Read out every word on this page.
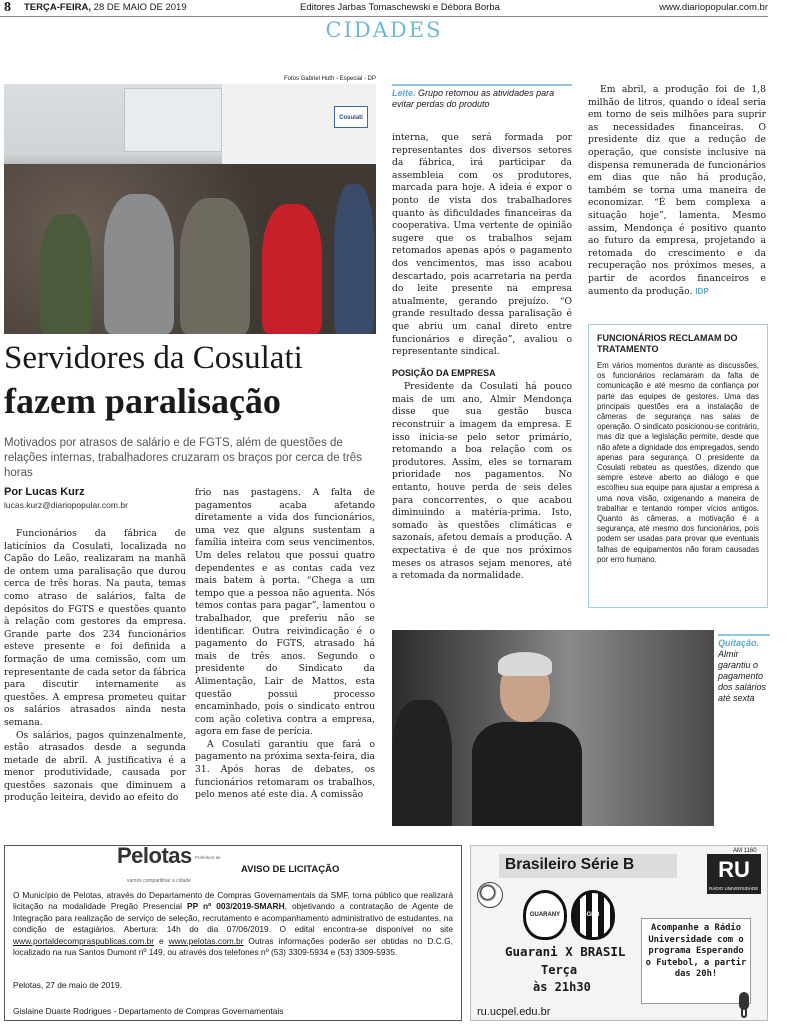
8 TERÇA-FEIRA, 28 DE MAIO DE 2019	Editores Jarbas Tomaschewski e Débora Borba	www.diariopopular.com.br
CIDADES
Fotos Gabriel Huth - Especial - DP
Cosulati
Leite. Grupo retomou as atividades para evitar perdas do produto
Servidores da Cosulati
fazem paralisação
Motivados por atrasos de salário e de FGTS, além de questões de relações internas, trabalhadores cruzaram os braços por cerca de três horas
Por Lucas Kurz
lucas.kurz@diariopopular.com.br

Funcionários da fábrica de laticínios da Cosulati, localizada no Capão do Leão, realizaram na manhã de ontem uma paralisação que durou cerca de três horas. Na pauta, temas como atraso de salários, falta de depósitos do FGTS e questões quanto à relação com gestores da empresa. Grande parte dos 234 funcionários esteve presente e foi definida a formação de uma comissão, com um representante de cada setor da fábrica para discutir internamente as questões. A empresa prometeu quitar os salários atrasados ainda nesta semana.

Os salários, pagos quinzenalmente, estão atrasados desde a segunda metade de abril. A justificativa é a menor produtividade, causada por questões sazonais que diminuem a produção leiteira, devido ao efeito do

frio nas pastagens. A falta de pagamentos acaba afetando diretamente a vida dos funcionários, uma vez que alguns sustentam a família inteira com seus vencimentos. Um deles relatou que possui quatro dependentes e as contas cada vez mais batem à porta. “Chega a um tempo que a pessoa não aguenta. Nós temos contas para pagar”, lamentou o trabalhador, que preferiu não se identificar. Outra reivindicação é o pagamento do FGTS, atrasado há mais de três anos. Segundo o presidente do Sindicato da Alimentação, Lair de Mattos, esta questão possui processo encaminhado, pois o sindicato entrou com ação coletiva contra a empresa, agora em fase de perícia.

A Cosulati garantiu que fará o pagamento na próxima sexta-feira, dia 31. Após horas de debates, os funcionários retomaram os trabalhos, pelo menos até este dia. A comissão

interna, que será formada por representantes dos diversos setores da fábrica, irá participar da assembleia com os produtores, marcada para hoje. A ideia é expor o ponto de vista dos trabalhadores quanto às dificuldades financeiras da cooperativa. Uma vertente de opinião sugere que os trabalhos sejam retomados apenas após o pagamento dos vencimentos, mas isso acabou descartado, pois acarretaria na perda do leite presente na empresa atualmente, gerando prejuízo. “O grande resultado dessa paralisação é que abriu um canal direto entre funcionários e direção”, avaliou o representante sindical.

POSIÇÃO DA EMPRESA

Presidente da Cosulati há pouco mais de um ano, Almir Mendonça disse que sua gestão busca reconstruir a imagem da empresa. E isso inicia-se pelo setor primário, retomando a boa relação com os produtores. Assim, eles se tornaram prioridade nos pagamentos. No entanto, houve perda de seis deles para concorrentes, o que acabou diminuindo a matéria-prima. Isto, somado às questões climáticas e sazonais, afetou demais a produção. A expectativa é de que nos próximos meses os atrasos sejam menores, até a retomada da normalidade.

Em abril, a produção foi de 1,8 milhão de litros, quando o ideal seria em torno de seis milhões para suprir as necessidades financeiras. O presidente diz que a redução de operação, que consiste inclusive na dispensa remunerada de funcionários em dias que não há produção, também se torna uma maneira de economizar. “É bem complexa a situação hoje”, lamenta. Mesmo assim, Mendonça é positivo quanto ao futuro da empresa, projetando a retomada do crescimento e da recuperação nos próximos meses, a partir de acordos financeiros e aumento da produção. IDP

FUNCIONÁRIOS RECLAMAM DO TRATAMENTO

Em vários momentos durante as discussões, os funcionários reclamaram da falta de comunicação e até mesmo da confiança por parte das equipes de gestores. Uma das principais questões era a instalação de câmeras de segurança nas salas de operação. O sindicato posicionou-se contrário, mas diz que a legislação permite, desde que não afete a dignidade dos empregados, sendo apenas para segurança. O presidente da Cosulati rebateu as questões, dizendo que sempre esteve aberto ao diálogo e que escolheu sua equipe para ajustar a empresa a uma nova visão, oxigenando a maneira de trabalhar e tentando romper vícios antigos. Quanto às câmeras, a motivação é a segurança, até mesmo dos funcionários, pois podem ser usadas para provar que eventuais falhas de equipamentos não foram causadas por erro humano.

Quitação. Almir garantiu o pagamento dos salários até sexta
Prefeitura de
Pelotas
vamos compartilhar a cidade
AVISO DE LICITAÇÃO
O Município de Pelotas, através do Departamento de Compras Governamentais da SMF, torna público que realizará licitação na modalidade Pregão Presencial PP nº 003/2019-SMARH, objetivando a contratação de Agente de Integração para realização de serviço de seleção, recrutamento e acompanhamento administrativo de estudantes, na condição de estagiários. Abertura: 14h do dia 07/06/2019. O edital encontra-se disponível no site www.portaldecompraspublicas.com.br e www.pelotas.com.br Outras informações poderão ser obtidas no D.C.G, localizado na rua Santos Dumont nº 149, ou através dos telefones nº (53) 3309-5934 e (53) 3309-5935.
Pelotas, 27 de maio de 2019.
Gislaine Duarte Rodrigues - Departamento de Compras Governamentais
Brasileiro Série B	RU
RÁDIO UNIVERSIDADE
AM 1160
GUARANY	GEB
Guarani X BRASIL
Terça
às 21h30
Acompanhe a Rádio Universidade com o programa Esperando o Futebol, a partir das 20h!
ru.ucpel.edu.br
